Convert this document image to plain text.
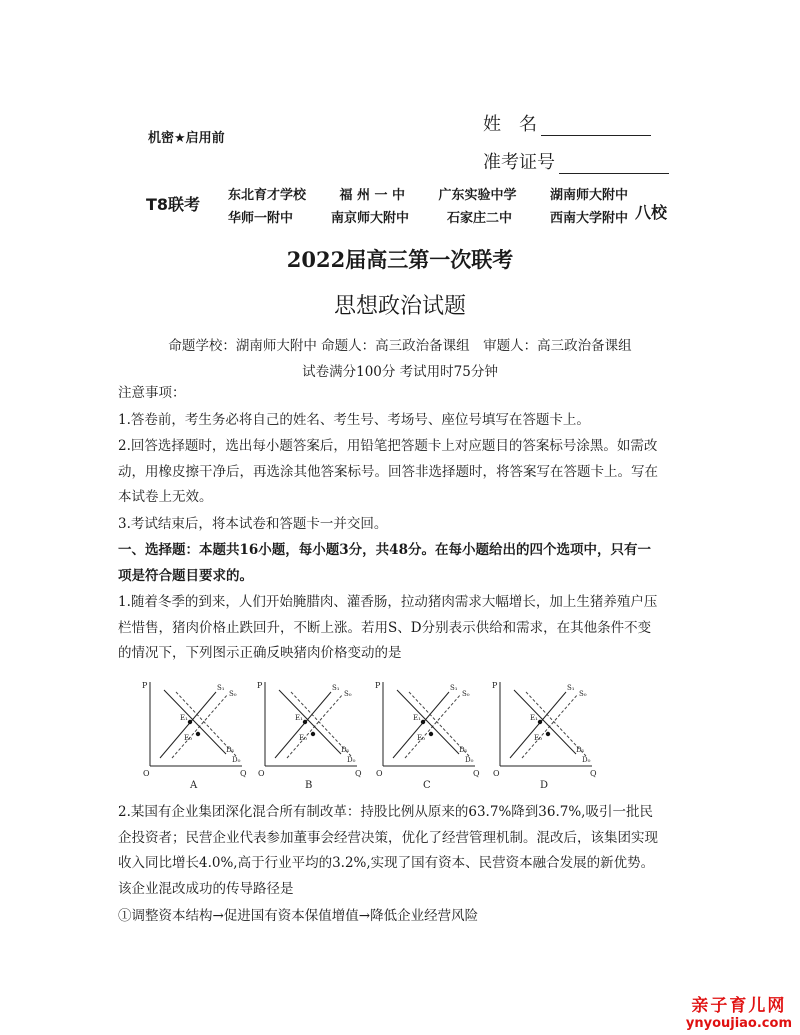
机密★启用前
姓　名
准考证号
T8联考 东北育才学校	福 州 一 中	广东实验中学	湖南师大附中
华师一附中	南京师大附中	石家庄二中	西南大学附中 八校
2022届高三第一次联考
思想政治试题
命题学校：湖南师大附中 命题人：高三政治备课组　审题人：高三政治备课组
试卷满分100分 考试用时75分钟
注意事项：
1.答卷前，考生务必将自己的姓名、考生号、考场号、座位号填写在答题卡上。
2.回答选择题时，选出每小题答案后，用铅笔把答题卡上对应题目的答案标号涂黑。如需改动，用橡皮擦干净后，再选涂其他答案标号。回答非选择题时，将答案写在答题卡上。写在本试卷上无效。
3.考试结束后，将本试卷和答题卡一并交回。
一、选择题：本题共16小题，每小题3分，共48分。在每小题给出的四个选项中，只有一项是符合题目要求的。
1.随着冬季的到来，人们开始腌腊肉、灌香肠，拉动猪肉需求大幅增长，加上生猪养殖户压栏惜售，猪肉价格止跌回升，不断上涨。若用S、D分别表示供给和需求，在其他条件不变的情况下，下列图示正确反映猪肉价格变动的是
P
Q
O
S₁
S₀
D₁
D₀
E₁
E₀
A
P
Q
O
S₁
S₀
D₁
D₀
E₁
E₀
B
P
Q
O
S₁
S₀
D₁
D₀
E₁
E₀
C
P
Q
O
S₁
S₀
D₁
D₀
E₁
E₀
D
2.某国有企业集团深化混合所有制改革：持股比例从原来的63.7%降到36.7%,吸引一批民企投资者；民营企业代表参加董事会经营决策，优化了经营管理机制。混改后，该集团实现收入同比增长4.0%,高于行业平均的3.2%,实现了国有资本、民营资本融合发展的新优势。该企业混改成功的传导路径是
①调整资本结构→促进国有资本保值增值→降低企业经营风险
亲子育儿网
ynyoujiao.com
